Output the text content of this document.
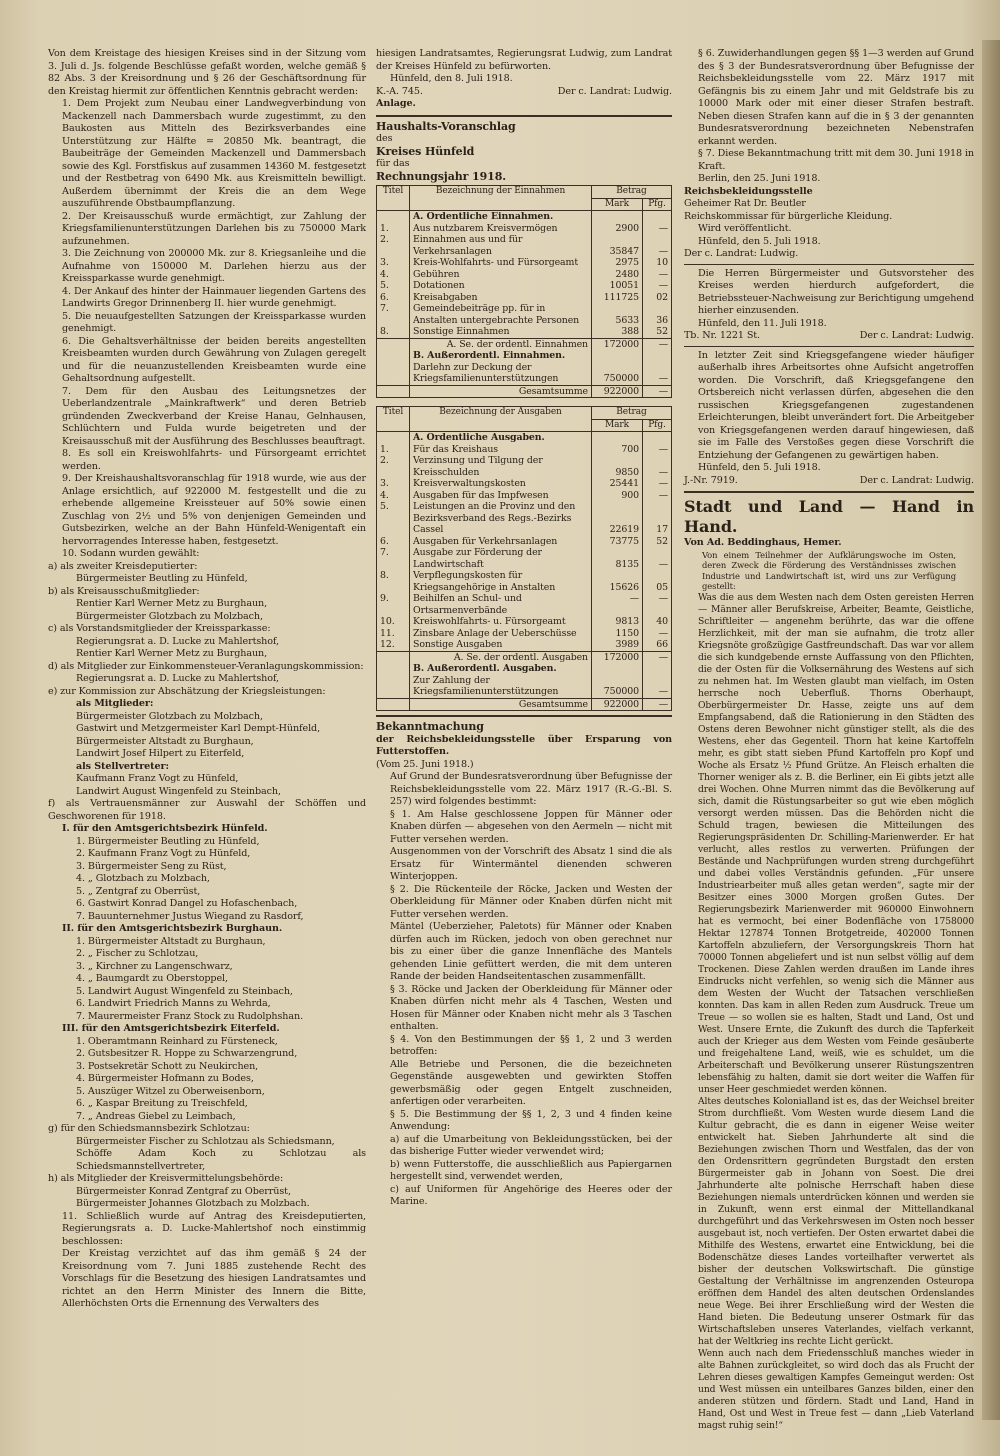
Von dem Kreistage des hiesigen Kreises sind in der Sitzung vom 3. Juli d. Js. folgende Beschlüsse gefaßt worden, welche gemäß § 82 Abs. 3 der Kreisordnung und § 26 der Geschäftsordnung für den Kreistag hiermit zur öffentlichen Kenntnis gebracht werden:

1. Dem Projekt zum Neubau einer Landwegverbindung von Mackenzell nach Dammersbach wurde zugestimmt, zu den Baukosten aus Mitteln des Bezirksverbandes eine Unterstützung zur Hälfte = 20850 Mk. beantragt, die Baubeiträge der Gemeinden Mackenzell und Dammersbach sowie des Kgl. Forstfiskus auf zusammen 14360 M. festgesetzt und der Restbetrag von 6490 Mk. aus Kreismitteln bewilligt. Außerdem übernimmt der Kreis die an dem Wege auszuführende Obstbaumpflanzung.

2. Der Kreisausschuß wurde ermächtigt, zur Zahlung der Kriegsfamilienunterstützungen Darlehen bis zu 750000 Mark aufzunehmen.

3. Die Zeichnung von 200000 Mk. zur 8. Kriegsanleihe und die Aufnahme von 150000 M. Darlehen hierzu aus der Kreissparkasse wurde genehmigt.

4. Der Ankauf des hinter der Hainmauer liegenden Gartens des Landwirts Gregor Drinnenberg II. hier wurde genehmigt.

5. Die neuaufgestellten Satzungen der Kreissparkasse wurden genehmigt.

6. Die Gehaltsverhältnisse der beiden bereits angestellten Kreisbeamten wurden durch Gewährung von Zulagen geregelt und für die neuanzustellenden Kreisbeamten wurde eine Gehaltsordnung aufgestellt.

7. Dem für den Ausbau des Leitungsnetzes der Ueberlandzentrale „Mainkraftwerk“ und deren Betrieb gründenden Zweckverband der Kreise Hanau, Gelnhausen, Schlüchtern und Fulda wurde beigetreten und der Kreisausschuß mit der Ausführung des Beschlusses beauftragt.

8. Es soll ein Kreiswohlfahrts- und Fürsorgeamt errichtet werden.

9. Der Kreishaushaltsvoranschlag für 1918 wurde, wie aus der Anlage ersichtlich, auf 922000 M. festgestellt und die zu erhebende allgemeine Kreissteuer auf 50% sowie einen Zuschlag von 2½ und 5% von denjenigen Gemeinden und Gutsbezirken, welche an der Bahn Hünfeld-Wenigentaft ein hervorragendes Interesse haben, festgesetzt.

10. Sodann wurden gewählt:

a) als zweiter Kreisdeputierter:

Bürgermeister Beutling zu Hünfeld,

b) als Kreisausschußmitglieder:

Rentier Karl Werner Metz zu Burghaun,

Bürgermeister Glotzbach zu Molzbach,

c) als Vorstandsmitglieder der Kreissparkasse:

Regierungsrat a. D. Lucke zu Mahlertshof,

Rentier Karl Werner Metz zu Burghaun,

d) als Mitglieder zur Einkommensteuer-Veranlagungskommission:

Regierungsrat a. D. Lucke zu Mahlertshof,

e) zur Kommission zur Abschätzung der Kriegsleistungen:

als Mitglieder:

Bürgermeister Glotzbach zu Molzbach,

Gastwirt und Metzgermeister Karl Dempt-Hünfeld,

Bürgermeister Altstadt zu Burghaun,

Landwirt Josef Hilpert zu Eiterfeld,

als Stellvertreter:

Kaufmann Franz Vogt zu Hünfeld,

Landwirt August Wingenfeld zu Steinbach,

f) als Vertrauensmänner zur Auswahl der Schöffen und Geschworenen für 1918.

I. für den Amtsgerichtsbezirk Hünfeld.

1. Bürgermeister Beutling zu Hünfeld,

2. Kaufmann Franz Vogt zu Hünfeld,

3. Bürgermeister Seng zu Rüst,

4. „ Glotzbach zu Molzbach,

5. „ Zentgraf zu Oberrüst,

6. Gastwirt Konrad Dangel zu Hofaschenbach,

7. Bauunternehmer Justus Wiegand zu Rasdorf,

II. für den Amtsgerichtsbezirk Burghaun.

1. Bürgermeister Altstadt zu Burghaun,

2. „ Fischer zu Schlotzau,

3. „ Kirchner zu Langenschwarz,

4. „ Baumgardt zu Oberstoppel,

5. Landwirt August Wingenfeld zu Steinbach,

6. Landwirt Friedrich Manns zu Wehrda,

7. Maurermeister Franz Stock zu Rudolphshan.

III. für den Amtsgerichtsbezirk Eiterfeld.

1. Oberamtmann Reinhard zu Fürsteneck,

2. Gutsbesitzer R. Hoppe zu Schwarzengrund,

3. Postsekretär Schott zu Neukirchen,

4. Bürgermeister Hofmann zu Bodes,

5. Auszüger Witzel zu Oberweisenborn,

6. „ Kaspar Breitung zu Treischfeld,

7. „ Andreas Giebel zu Leimbach,

g) für den Schiedsmannsbezirk Schlotzau:

Bürgermeister Fischer zu Schlotzau als Schiedsmann,

Schöffe Adam Koch zu Schlotzau als Schiedsmannstellvertreter,

h) als Mitglieder der Kreisvermittelungsbehörde:

Bürgermeister Konrad Zentgraf zu Oberrüst,

Bürgermeister Johannes Glotzbach zu Molzbach.

11. Schließlich wurde auf Antrag des Kreisdeputierten, Regierungsrats a. D. Lucke-Mahlertshof noch einstimmig beschlossen:

Der Kreistag verzichtet auf das ihm gemäß § 24 der Kreisordnung vom 7. Juni 1885 zustehende Recht des Vorschlags für die Besetzung des hiesigen Landratsamtes und richtet an den Herrn Minister des Innern die Bitte, Allerhöchsten Orts die Ernennung des Verwalters des

hiesigen Landratsamtes, Regierungsrat Ludwig, zum Landrat der Kreises Hünfeld zu befürworten.

Hünfeld, den 8. Juli 1918.

K.-A. 745.	Der c. Landrat: Ludwig.

Anlage.

Haushalts-Voranschlag

des

Kreises Hünfeld

für das

Rechnungsjahr 1918.

Titel	Bezeichnung der Einnahmen	Betrag	
		Mark	Pfg.
	A. Ordentliche Einnahmen.		
1.	Aus nutzbarem Kreisvermögen	2900	—
2.	Einnahmen aus und für Verkehrsanlagen	35847	—
3.	Kreis-Wohlfahrts- und Fürsorgeamt	2975	10
4.	Gebühren	2480	—
5.	Dotationen	10051	—
6.	Kreisabgaben	111725	02
7.	Gemeindebeiträge pp. für in Anstalten untergebrachte Personen	5633	36
8.	Sonstige Einnahmen	388	52
	A. Se. der ordentl. Einnahmen	172000	—
	B. Außerordentl. Einnahmen.		
	Darlehn zur Deckung der Kriegsfamilienunterstützungen	750000	—
	Gesamtsumme	922000	—
Titel	Bezeichnung der Ausgaben	Betrag	
		Mark	Pfg.
	A. Ordentliche Ausgaben.		
1.	Für das Kreishaus	700	—
2.	Verzinsung und Tilgung der Kreisschulden	9850	—
3.	Kreisverwaltungskosten	25441	—
4.	Ausgaben für das Impfwesen	900	—
5.	Leistungen an die Provinz und den Bezirksverband des Regs.-Bezirks Cassel	22619	17
6.	Ausgaben für Verkehrsanlagen	73775	52
7.	Ausgabe zur Förderung der Landwirtschaft	8135	—
8.	Verpflegungskosten für Kriegsangehörige in Anstalten	15626	05
9.	Beihilfen an Schul- und Ortsarmenverbände	—	—
10.	Kreiswohlfahrts- u. Fürsorgeamt	9813	40
11.	Zinsbare Anlage der Ueberschüsse	1150	—
12.	Sonstige Ausgaben	3989	66
	A. Se. der ordentl. Ausgaben	172000	—
	B. Außerordentl. Ausgaben.		
	Zur Zahlung der Kriegsfamilienunterstützungen	750000	—
	Gesamtsumme	922000	—

Bekanntmachung

der Reichsbekleidungsstelle über Ersparung von Futterstoffen.

(Vom 25. Juni 1918.)

Auf Grund der Bundesratsverordnung über Befugnisse der Reichsbekleidungsstelle vom 22. März 1917 (R.-G.-Bl. S. 257) wird folgendes bestimmt:

§ 1. Am Halse geschlossene Joppen für Männer oder Knaben dürfen — abgesehen von den Aermeln — nicht mit Futter versehen werden.

Ausgenommen von der Vorschrift des Absatz 1 sind die als Ersatz für Wintermäntel dienenden schweren Winterjoppen.

§ 2. Die Rückenteile der Röcke, Jacken und Westen der Oberkleidung für Männer oder Knaben dürfen nicht mit Futter versehen werden.

Mäntel (Ueberzieher, Paletots) für Männer oder Knaben dürfen auch im Rücken, jedoch von oben gerechnet nur bis zu einer über die ganze Innenfläche des Mantels gehenden Linie gefüttert werden, die mit dem unteren Rande der beiden Handseitentaschen zusammenfällt.

§ 3. Röcke und Jacken der Oberkleidung für Männer oder Knaben dürfen nicht mehr als 4 Taschen, Westen und Hosen für Männer oder Knaben nicht mehr als 3 Taschen enthalten.

§ 4. Von den Bestimmungen der §§ 1, 2 und 3 werden betroffen:

Alle Betriebe und Personen, die die bezeichneten Gegenstände ausgewebten und gewirkten Stoffen gewerbsmäßig oder gegen Entgelt zuschneiden, anfertigen oder verarbeiten.

§ 5. Die Bestimmung der §§ 1, 2, 3 und 4 finden keine Anwendung:

a) auf die Umarbeitung von Bekleidungsstücken, bei der das bisherige Futter wieder verwendet wird;

b) wenn Futterstoffe, die ausschließlich aus Papiergarnen hergestellt sind, verwendet werden,

c) auf Uniformen für Angehörige des Heeres oder der Marine.

§ 6. Zuwiderhandlungen gegen §§ 1—3 werden auf Grund des § 3 der Bundesratsverordnung über Befugnisse der Reichsbekleidungsstelle vom 22. März 1917 mit Gefängnis bis zu einem Jahr und mit Geldstrafe bis zu 10000 Mark oder mit einer dieser Strafen bestraft. Neben diesen Strafen kann auf die in § 3 der genannten Bundesratsverordnung bezeichneten Nebenstrafen erkannt werden.

§ 7. Diese Bekanntmachung tritt mit dem 30. Juni 1918 in Kraft.

Berlin, den 25. Juni 1918.

Reichsbekleidungsstelle

Geheimer Rat Dr. Beutler

Reichskommissar für bürgerliche Kleidung.

Wird veröffentlicht.

Hünfeld, den 5. Juli 1918.

Der c. Landrat: Ludwig.

Die Herren Bürgermeister und Gutsvorsteher des Kreises werden hierdurch aufgefordert, die Betriebssteuer-Nachweisung zur Berichtigung umgehend hierher einzusenden.

Hünfeld, den 11. Juli 1918.

Tb. Nr. 1221 St.	Der c. Landrat: Ludwig.

In letzter Zeit sind Kriegsgefangene wieder häufiger außerhalb ihres Arbeitsortes ohne Aufsicht angetroffen worden. Die Vorschrift, daß Kriegsgefangene den Ortsbereich nicht verlassen dürfen, abgesehen die den russischen Kriegsgefangenen zugestandenen Erleichterungen, bleibt unverändert fort. Die Arbeitgeber von Kriegsgefangenen werden darauf hingewiesen, daß sie im Falle des Verstoßes gegen diese Vorschrift die Entziehung der Gefangenen zu gewärtigen haben.

Hünfeld, den 5. Juli 1918.

J.-Nr. 7919.	Der c. Landrat: Ludwig.

Stadt und Land — Hand in Hand.

Von Ad. Beddinghaus, Hemer.

Von einem Teilnehmer der Aufklärungswoche im Osten, deren Zweck die Förderung des Verständnisses zwischen Industrie und Landwirtschaft ist, wird uns zur Verfügung gestellt:

Was die aus dem Westen nach dem Osten gereisten Herren — Männer aller Berufskreise, Arbeiter, Beamte, Geistliche, Schriftleiter — angenehm berührte, das war die offene Herzlichkeit, mit der man sie aufnahm, die trotz aller Kriegsnöte großzügige Gastfreundschaft. Das war vor allem die sich kundgebende ernste Auffassung von den Pflichten, die der Osten für die Volksernährung des Westens auf sich zu nehmen hat. Im Westen glaubt man vielfach, im Osten herrsche noch Ueberfluß. Thorns Oberhaupt, Oberbürgermeister Dr. Hasse, zeigte uns auf dem Empfangsabend, daß die Rationierung in den Städten des Ostens deren Bewohner nicht günstiger stellt, als die des Westens, eher das Gegenteil. Thorn hat keine Kartoffeln mehr, es gibt statt sieben Pfund Kartoffeln pro Kopf und Woche als Ersatz ½ Pfund Grütze. An Fleisch erhalten die Thorner weniger als z. B. die Berliner, ein Ei gibts jetzt alle drei Wochen. Ohne Murren nimmt das die Bevölkerung auf sich, damit die Rüstungsarbeiter so gut wie eben möglich versorgt werden müssen. Das die Behörden nicht die Schuld tragen, bewiesen die Mitteilungen des Regierungspräsidenten Dr. Schilling-Marienwerder. Er hat verlucht, alles restlos zu verwerten. Prüfungen der Bestände und Nachprüfungen wurden streng durchgeführt und dabei volles Verständnis gefunden. „Für unsere Industriearbeiter muß alles getan werden“, sagte mir der Besitzer eines 3000 Morgen großen Gutes. Der Regierungsbezirk Marienwerder mit 960000 Einwohnern hat es vermocht, bei einer Bodenfläche von 1758000 Hektar 127874 Tonnen Brotgetreide, 402000 Tonnen Kartoffeln abzuliefern, der Versorgungskreis Thorn hat 70000 Tonnen abgeliefert und ist nun selbst völlig auf dem Trockenen. Diese Zahlen werden draußen im Lande ihres Eindrucks nicht verfehlen, so wenig sich die Männer aus dem Westen der Wucht der Tatsachen verschließen konnten. Das kam in allen Reden zum Ausdruck. Treue um Treue — so wollen sie es halten, Stadt und Land, Ost und West. Unsere Ernte, die Zukunft des durch die Tapferkeit auch der Krieger aus dem Westen vom Feinde gesäuberte und freigehaltene Land, weiß, wie es schuldet, um die Arbeiterschaft und Bevölkerung unserer Rüstungszentren lebensfähig zu halten, damit sie dort weiter die Waffen für unser Heer geschmiedet werden können.

Altes deutsches Kolonialland ist es, das der Weichsel breiter Strom durchfließt. Vom Westen wurde diesem Land die Kultur gebracht, die es dann in eigener Weise weiter entwickelt hat. Sieben Jahrhunderte alt sind die Beziehungen zwischen Thorn und Westfalen, das der von den Ordensrittern gegründeten Burgstadt den ersten Bürgermeister gab in Johann von Soest. Die drei Jahrhunderte alte polnische Herrschaft haben diese Beziehungen niemals unterdrücken können und werden sie in Zukunft, wenn erst einmal der Mittellandkanal durchgeführt und das Verkehrswesen im Osten noch besser ausgebaut ist, noch vertiefen. Der Osten erwartet dabei die Mithilfe des Westens, erwartet eine Entwicklung, bei die Bodenschätze dieses Landes vorteilhafter verwertet als bisher der deutschen Volkswirtschaft. Die günstige Gestaltung der Verhältnisse im angrenzenden Osteuropa eröffnen dem Handel des alten deutschen Ordenslandes neue Wege. Bei ihrer Erschließung wird der Westen die Hand bieten. Die Bedeutung unserer Ostmark für das Wirtschaftsleben unseres Vaterlandes, vielfach verkannt, hat der Weltkrieg ins rechte Licht gerückt.

Wenn auch nach dem Friedensschluß manches wieder in alte Bahnen zurückgleitet, so wird doch das als Frucht der Lehren dieses gewaltigen Kampfes Gemeingut werden: Ost und West müssen ein unteilbares Ganzes bilden, einer den anderen stützen und fördern. Stadt und Land, Hand in Hand, Ost und West in Treue fest — dann „Lieb Vaterland magst ruhig sein!“
